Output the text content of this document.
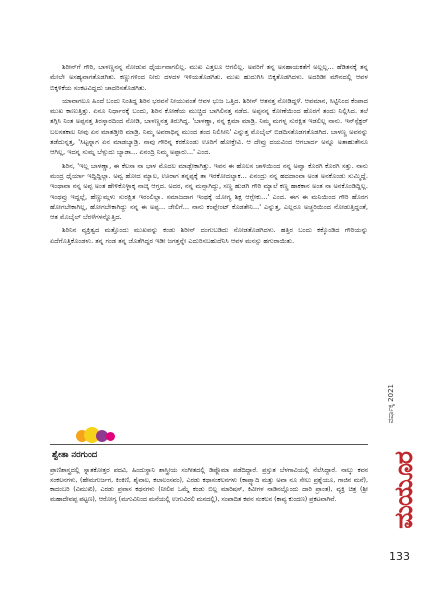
ಶಿರೀನ್‌ಗೆ ಗೌರಿ, ಬಾಳಣ್ಣನನ್ನ ನೋಡುವ ಧೈರ್ಯವಾಗಲಿಲ್ಲ. ಮುಖ ಎತ್ತಲೂ ಆಗಲಿಲ್ಲ. ಅವರಿಗೆ ತನ್ನ ಅಸಹಾಯಕತೆಗೆ ಅಲ್ಲಲ್ಲ... ಹೆಡಿತನಕ್ಕೆ ತನ್ನ ಮೇಲೇ ಅಸಹ್ಯವಾಗತೊಡಗಿತು. ಕಣ್ಣುಗಳಿಂದ ನೀರು ದಳದಳ ಇಳಿಯತೊಡಗಿತು. ಮುಖ ಹುದುಗಿಸಿ ಬಿಕ್ಕತೊಡಗಿದಳು. ಅದರಿಡೀ ಮೌನದಲ್ಲಿ ಆವಳ ಬಿಕ್ಕಳಿಕೆಯ ಸಂಕಟವಿದ್ದದು ಚಾದರಿಸತೊಡಗಿತು.

ಯಾವಾಗಲೂ ಹಿಂದೆ ಬಂದು ನಿಂತಿದ್ದ ಶಿರಿನ ಭರವಸೆ ನೀಯುವಂತೆ ಆವಳ ಭುಜ ಒತ್ತಿದ. ಶಿರೀನ್ ಆತನತ್ತ ನೋಡಿದ್ದಳೆ. ಆವಮಾನ, ಸಿಟ್ಟಿನಿಂದ ಕೆಂಪಾದ ಮುಖ ಕಾಣುತ್ತಿತ್ತು. ಏನೂ ನಿರ್ಧಾರಕ್ಕೆ ಬಂದು, ಶಿರಿನ ಕೋಣೆಯ ಮುಚ್ಚಿದ ಬಾಗಿಲಿನತ್ತ ನಡೆದ. ಅಪ್ಪನನ್ನ ಕೋಣೆಯಿಂದ ಹೊರಗೆ ತಂದು ನಿಲ್ಲಿಸಿದ. ತಲೆ ತಗ್ಗಿಸಿ ನಿಂತ ಅಪ್ಪನತ್ತ ತಿರಸ್ಕಾರದಿಂದ ನೋಡಿ, ಬಾಳಣ್ಣನತ್ತ ತಿರುಗಿದ್ದ. 'ಬಾಳಣ್ಣಾ, ನನ್ನ ಕ್ಷಮಾ ಮಾಡ್ರಿ. ನಿಮ್ಮ ಮಗಳ್ನ ಸುರಕ್ಷಿತ ಇಡಲಿಲ್ಲ ನಾನು. ಇನ್‌ಸ್ಪೆಕ್ಟರ್ ಬಲಸತಕಾಲ ನೀವು ಏನ ಮಾತಡ್ತೀರಿ ಮಾಡ್ರಿ. ನಿಮ್ಮ ಅಪರಾಧಿನ್ನ ಮುಂದ ತಂದ ನಿಲಿಸೀನಿ' ಎನ್ನುತ್ತ ಮೊಬೈಲ್ ಬಿಡದಿಸತೊಡಗತೊಡಗಿದ. ಬಾಳಣ್ಣ ಅವನನ್ನು ತಡೆದುನ್ನತ್ತ, 'ಸಿಟ್ಟನ್ನಾಗ ಏನ ಮಾಡಬ್ಯಾಡ್ರಿ. ನಾವು ಗೌರಿನ್ನ ಕರಕೊಂಡು ಊರಿಗೆ ಹೋಕ್ತೇವಿ. ಆ ದೇವ್ರು ದಯವಿಂದ ಆಗಬಾರ್ದ ಅನ್ನೂ ಅತಾಹುತೇನೂ ಆಗಿಲ್ಲ, ಇದನ್ನ ಸುಮ್ನ ಬೆಳ್ಸುದು ಬ್ಯಾಡಾ... ಏನಂದ್ರಿ ನಿಮ್ಮ ಅಪ್ಪಾರು...' ಎಂದ.

ಶಿರಿನ, 'ಇಲ್ಲ ಬಾಳಣ್ಣಾ, ಈ ಕೆಲಸಾ ನಾ ಭಾಳ ಮೊದಲ ಮಾಡ್ಬೇಕಾಗಿತ್ತು. ಇವನ ಈ ಹೊಲಸ ಚಾಳಿಯಿಂದ ನನ್ನ ಅವ್ವಾ ಕೊರಗಿ ಕೊರಗಿ ಸತ್ತು. ನಾನು ಮಂದ್ರ ಧೈರ್ಯಾ ಇದ್ದಿದ್ದಿಲ್ಲಾ. ಅವ್ವ ಹೋದ ಮ್ಯಾಲ, ಊರಾಗ ತನ್ನಪ್ಪಕ್ಕೆ ತಾ ಇರಕೋದಲ್ಯಾಕ... ಏನಂದ್ರು ನನ್ನ ಹದದಾಂವಾ ಅಂತ ಅನಕೊಂಡು ಸುಮ್ಮಿದ್ದೆ. ಇಂಥಾವಾ ನನ್ನ ಅಪ್ಪ ಅಂತ ಹೇಳಿಕೊಳ್ಳಾಕ್ಕ ನಾಚ್ಕಿ ಆಗ್ತದ. ಅದರ, ನನ್ನ ಮನ್ಸಾಗಿದ್ದು, ಸಣ್ಣ ಹುಡಗಿ ಗೌರಿ ಮ್ಯಾಲೆ ಕಣ್ಣ ಹಾಕಕಾನ ಅಂತ ನಾ ಅನಕೊಂಡಿದ್ದಿಲ್ಲ. ಇಂಥವ್ರು ಇದ್ದಲ್ಲೆ, ಹೆಣ್ಣುಮ್ಗಳು ಸುರಕ್ಷಿತ ಇರಂಲಿಲ್ಲಾ. ಸಮಾಜದಾಗ ಇಂಥಕ್ಕೆ ಯೋಗ್ಯ ಶಿಕ್ಷ ಆಗ್ಬೇಕು...' ಎಂದ. ಈಗ ಈ ಮನಿಯಿಂದ ಗೌರಿ ಹೊರಗ ಹೋಗಬೇಕಾಗಿಲ್ಲ, ಹೋಗಬೇಕಾಗಿದ್ದು ನನ್ನ ಈ ಅಪ್ಪ... ಜೇಲಿಗೆ... ನಾನು ಕಂಪ್ಲೇಂಟ್ ಕೊಡತೇನಿ...' ಎನ್ನುತ್ತ, ಎಲ್ಲರೂ ಅಚ್ಚರಿಯಿಂದ ನೋಡುತ್ತಿದ್ದಂತೆ, ಆತ ಮೊಬೈಲ್ ಬೆರಳೆಗಳನ್ನೊತ್ತಿದ.

ಶಿರಿನಿನ ವ್ಯಕ್ತಿತ್ವದ ಮತ್ತೊಂದು ಮುಖವನ್ನು ಕಂಡು ಶಿರೀನ್ ದಂಗುಬಡಿದು ನೋಡತೊಡಗಿದಳು. ಹತ್ತಿರ ಬಂದು ಕಕ್ಕೊಂಡಿದ ಗೌರಿಯನ್ನು ಏದೆಗೊತ್ತಿಕೊಂಡಳು. ತನ್ನ ಗಂಡ ತನ್ನ ಜೊತೆಗಿದ್ದರ ಇಡೀ ಜಗತ್ತನ್ನೇ ಎದುರಿಸಬಹುದೆನಿಸಿ ಆವಳ ಮನಸ್ಸು ಹಗುರಾಯಿತು.

ಶ್ವೇತಾ ನರಗುಂದ
ಪ್ರಾಣಿಶಾಸ್ತ್ರದಲ್ಲಿ ಸ್ನಾತಕೋತ್ತರ ಪದವಿ, ಹಿಂದುಸ್ಥಾನಿ ಶಾಸ್ತ್ರೀಯ ಸಂಗೀತದಲ್ಲಿ ಡಿಪ್ಲೊಮಾ ಪಡೆದಿದ್ದಾರೆ. ಪ್ರಸ್ತುತ ಬೆಳಗಾವಿಯಲ್ಲಿ ನೆಲೆಸಿದ್ದಾರೆ. ನಾಲ್ಕು ಕವನ ಸಂಕಲನಗಳು, (ಹೇಮಗುರ್ಜಗ, ಕಿಂಕಿಣಿ, ಶೈವಾಲ, ಕಲಾಲಂಸವಂ), ಎರಡು ಕಥಾಸಂಕಲನಗಳು (ಕಾಪ್ಸ್ಯಾದಿ ಮತ್ತು ಅವಾ ನೂ ಸೇಲು ಪ್ರಶ್ನೆಯೂ, ಗಾಜಿನ ಮನೆ), ಕಾದಂಬರಿ (ವಿಮುಖಿ), ಎರಡು ಪ್ರವಾಸ ಕಥನಗಳು (ನೀಲಿವ ಒಮ್ಮೆ ಕಂಡು ಬಿಲ್ಲ ಮಾರಿಷಸ್, ಕಿವೀಗಳ ನಾಡಿನಲ್ಲೊಂದು ದಾರಿ ಪ್ರಾಂತ), ವ್ಯಕ್ತಿ ಚಿತ್ರ (ಶ್ರೀ ಮಹಾದೇವಪ್ಪ ಪಟ್ಟಣ), ಆರೋಗ್ಯ (ಮಗುವಿನಿಂದ ಮನೆಯಲ್ಲಿ ಉಗುವಿರಲಿ ಮನದಲ್ಲಿ), ಸಂಪಾದಿತ ಕವನ ಸಂಕಲನ (ಕಾವ್ಯ ಕುಂದಣ) ಪ್ರಕಟವಾಗಿವೆ.
ವರ್ಷಾಕ್ಕ 2021
ಮಯೂರ
133
